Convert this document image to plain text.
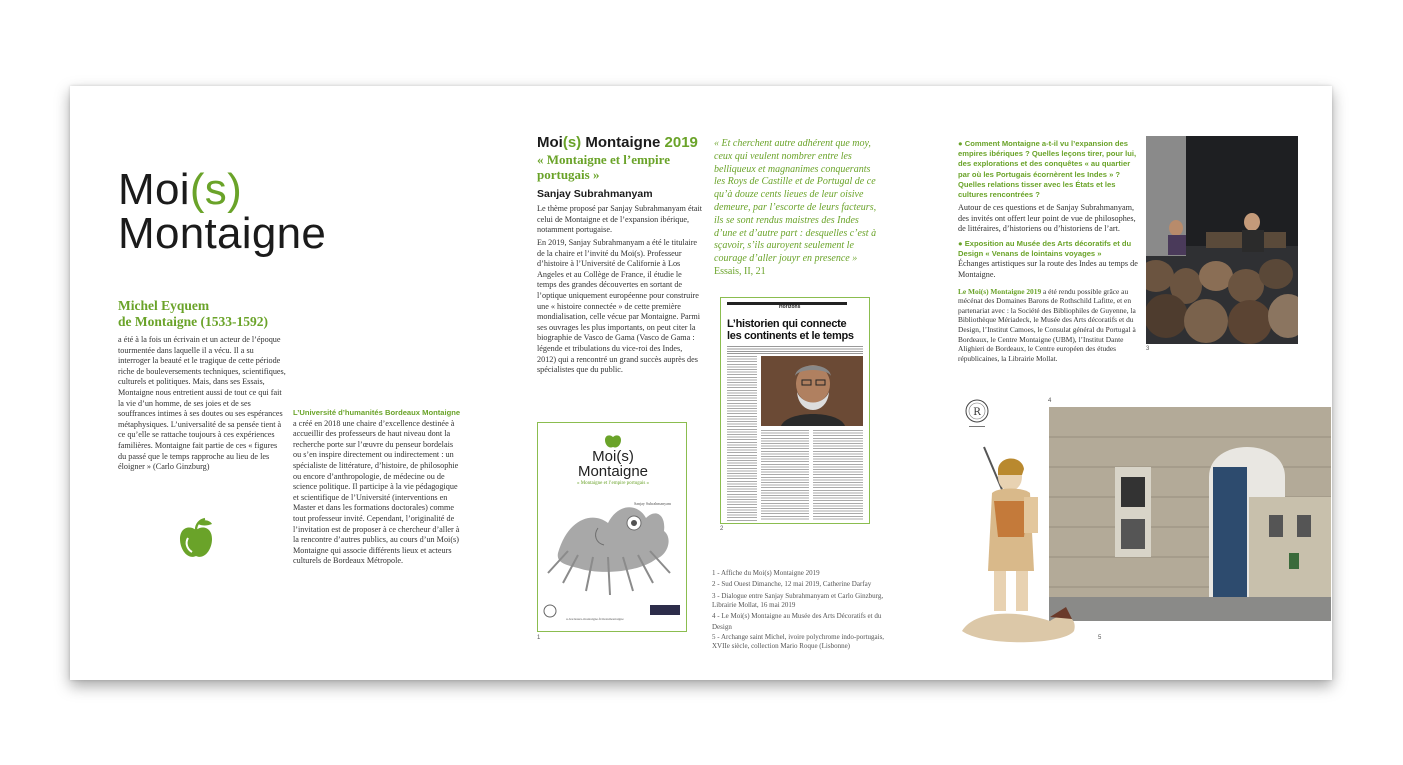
Moi(s)
Montaigne
Michel Eyquem
de Montaigne (1533-1592)
a été à la fois un écrivain et un acteur de l’époque tourmentée dans laquelle il a vécu. Il a su interroger la beauté et le tragique de cette période riche de bouleversements techniques, scientifiques, culturels et politiques. Mais, dans ses Essais, Montaigne nous entretient aussi de tout ce qui fait la vie d’un homme, de ses joies et de ses souffrances intimes à ses doutes ou ses espérances métaphysiques. L’universalité de sa pensée tient à ce qu’elle se rattache toujours à ces expériences familières. Montaigne fait partie de ces « figures du passé que le temps rapproche au lieu de les éloigner » (Carlo Ginzburg)
L’Université d’humanités Bordeaux Montaigne
a créé en 2018 une chaire d’excellence destinée à accueillir des professeurs de haut niveau dont la recherche porte sur l’œuvre du penseur bordelais ou s’en inspire directement ou indirectement : un spécialiste de littérature, d’histoire, de philosophie ou encore d’anthropologie, de médecine ou de science politique. Il participe à la vie pédagogique et scientifique de l’Université (interventions en Master et dans les formations doctorales) comme tout professeur invité. Cependant, l’originalité de l’invitation est de proposer à ce chercheur d’aller à la rencontre d’autres publics, au cours d’un Moi(s) Montaigne qui associe différents lieux et acteurs culturels de Bordeaux Métropole.
Moi(s) Montaigne 2019
« Montaigne et l’empire portugais »
Sanjay Subrahmanyam
Le thème proposé par Sanjay Subrahmanyam était celui de Montaigne et de l’expansion ibérique, notamment portugaise.
En 2019, Sanjay Subrahmanyam a été le titulaire de la chaire et l’invité du Moi(s). Professeur d’histoire à l’Université de Californie à Los Angeles et au Collège de France, il étudie le temps des grandes découvertes en sortant de l’optique uniquement européenne pour construire une « histoire connectée » de cette première mondialisation, celle vécue par Montaigne. Parmi ses ouvrages les plus importants, on peut citer la biographie de Vasco de Gama (Vasco de Gama : légende et tribulations du vice-roi des Indes, 2012) qui a rencontré un grand succès auprès des spécialistes que du public.
« Et cherchent autre adhérent que moy, ceux qui veulent nombrer entre les belliqueux et magnanimes conquerants les Roys de Castille et de Portugal de ce qu’à douze cents lieues de leur oisive demeure, par l’escorte de leurs facteurs, ils se sont rendus maistres des Indes d’une et d’autre part : desquelles c’est à sçavoir, s’ils auroyent seulement le courage d’aller jouyr en presence » Essais, II, 21
Moi(s)
Montaigne
« Montaigne et l’empire portugais »
Sanjay Subrahmanyam
u-bordeaux-montaigne.fr/moismontaigne
1
Horizons
L’historien qui connecte les continents et le temps
2
1 - Affiche du Moi(s) Montaigne 2019
2 - Sud Ouest Dimanche, 12 mai 2019, Catherine Darfay
3 - Dialogue entre Sanjay Subrahmanyam et Carlo Ginzburg, Librairie Mollat, 16 mai 2019
4 - Le Moi(s) Montaigne au Musée des Arts Décoratifs et du Design
5 - Archange saint Michel, ivoire polychrome indo-portugais, XVIIe siècle, collection Mario Roque (Lisbonne)
● Comment Montaigne a-t-il vu l’expansion des empires ibériques ? Quelles leçons tirer, pour lui, des explorations et des conquêtes « au quartier par où les Portugais écornèrent les Indes » ? Quelles relations tisser avec les États et les cultures rencontrées ?
Autour de ces questions et de Sanjay Subrahmanyam, des invités ont offert leur point de vue de philosophes, de littéraires, d’historiens ou d’historiens de l’art.
● Exposition au Musée des Arts décoratifs et du Design « Venans de lointains voyages »
Échanges artistiques sur la route des Indes au temps de Montaigne.
Le Moi(s) Montaigne 2019 a été rendu possible grâce au mécénat des Domaines Barons de Rothschild Lafitte, et en partenariat avec : la Société des Bibliophiles de Guyenne, la Bibliothèque Mériadeck, le Musée des Arts décoratifs et du Design, l’Institut Camoes, le Consulat général du Portugal à Bordeaux, le Centre Montaigne (UBM), l’Institut Dante Alighieri de Bordeaux, le Centre européen des études républicaines, la Librairie Mollat.
3
R
4
5
